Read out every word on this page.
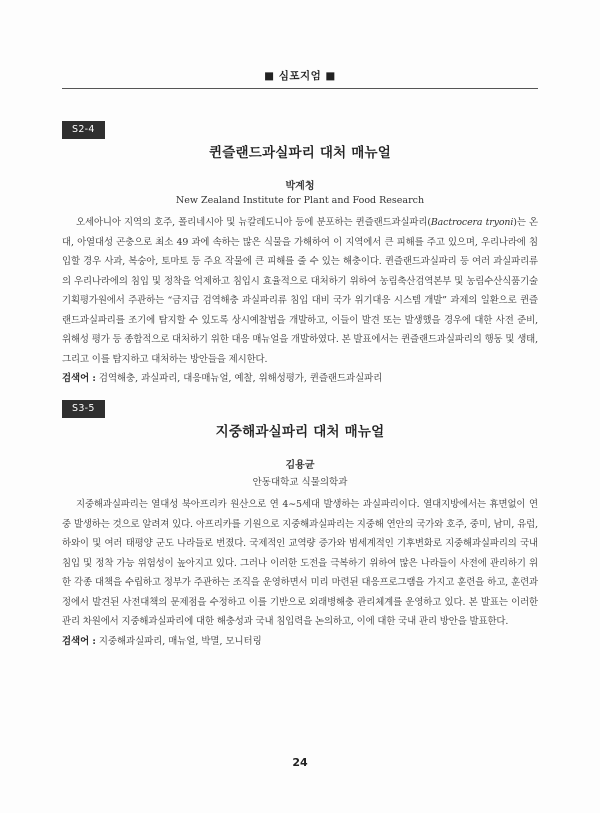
■ 심포지엄 ■
S2-4
퀸즐랜드과실파리 대처 매뉴얼
박계청
New Zealand Institute for Plant and Food Research

오세아니아 지역의 호주, 폴리네시아 및 뉴칼레도니아 등에 분포하는 퀸즐랜드과실파리(Bactrocera tryoni)는 온대, 아열대성 곤충으로 최소 49 과에 속하는 많은 식물을 가해하여 이 지역에서 큰 피해를 주고 있으며, 우리나라에 침입할 경우 사과, 복숭아, 토마토 등 주요 작물에 큰 피해를 줄 수 있는 해충이다. 퀸즐랜드과실파리 등 여러 과실파리류의 우리나라에의 침입 및 정착을 억제하고 침입시 효율적으로 대처하기 위하여 농림축산검역본부 및 농림수산식품기술기획평가원에서 주관하는 “금지급 검역해충 과실파리류 침입 대비 국가 위기대응 시스템 개발” 과제의 일환으로 퀸즐랜드과실파리를 조기에 탐지할 수 있도록 상시예찰법을 개발하고, 이들이 발견 또는 발생했을 경우에 대한 사전 준비, 위해성 평가 등 종합적으로 대처하기 위한 대응 매뉴얼을 개발하였다. 본 발표에서는 퀸즐랜드과실파리의 행동 및 생태, 그리고 이를 탐지하고 대처하는 방안들을 제시한다.

검색어 : 검역해충, 과실파리, 대응매뉴얼, 예찰, 위해성평가, 퀸즐랜드과실파리
S3-5
지중해과실파리 대처 매뉴얼
김용균
안동대학교 식물의학과

지중해과실파리는 열대성 북아프리카 원산으로 연 4∼5세대 발생하는 과실파리이다. 열대지방에서는 휴면없이 연중 발생하는 것으로 알려져 있다. 아프리카를 기원으로 지중해과실파리는 지중해 연안의 국가와 호주, 중미, 남미, 유럽, 하와이 및 여러 태평양 군도 나라들로 번졌다. 국제적인 교역량 증가와 범세계적인 기후변화로 지중해과실파리의 국내침입 및 정착 가능 위험성이 높아지고 있다. 그러나 이러한 도전을 극복하기 위하여 많은 나라들이 사전에 관리하기 위한 각종 대책을 수립하고 정부가 주관하는 조직을 운영하면서 미리 마련된 대응프로그램을 가지고 훈련을 하고, 훈련과정에서 발견된 사전대책의 문제점을 수정하고 이를 기반으로 외래병해충 관리체계를 운영하고 있다. 본 발표는 이러한 관리 차원에서 지중해과실파리에 대한 해충성과 국내 침입력을 논의하고, 이에 대한 국내 관리 방안을 발표한다.

검색어 : 지중해과실파리, 매뉴얼, 박멸, 모니터링
24
